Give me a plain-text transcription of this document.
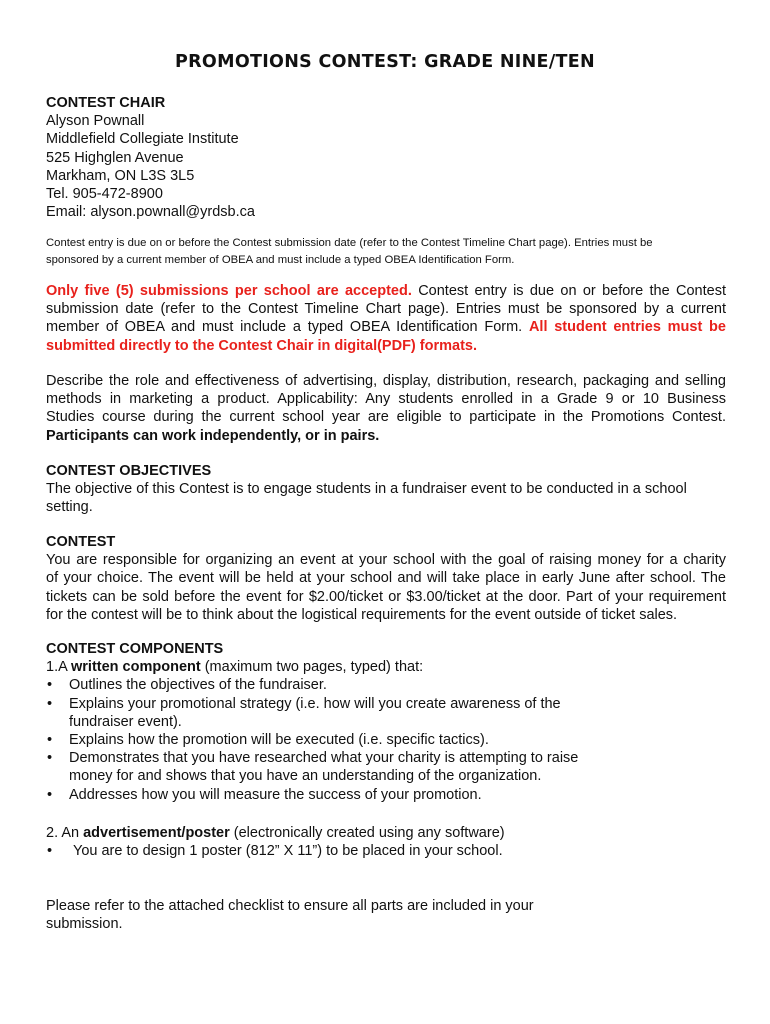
PROMOTIONS CONTEST: GRADE NINE/TEN
CONTEST CHAIR
Alyson Pownall
Middlefield Collegiate Institute
525 Highglen Avenue
Markham, ON L3S 3L5
Tel. 905-472-8900
Email: alyson.pownall@yrdsb.ca
Contest entry is due on or before the Contest submission date (refer to the Contest Timeline Chart page). Entries must be
sponsored by a current member of OBEA and must include a typed OBEA Identification Form.
Only five (5) submissions per school are accepted. Contest entry is due on or before the Contest
submission date (refer to the Contest Timeline Chart page). Entries must be sponsored by a current
member of OBEA and must include a typed OBEA Identification Form. All student entries must be
submitted directly to the Contest Chair in digital(PDF) formats.
Describe the role and effectiveness of advertising, display, distribution, research, packaging and selling
methods in marketing a product. Applicability: Any students enrolled in a Grade 9 or 10 Business
Studies course during the current school year are eligible to participate in the Promotions Contest.
Participants can work independently, or in pairs.
CONTEST OBJECTIVES
The objective of this Contest is to engage students in a fundraiser event to be conducted in a school
setting.
CONTEST
You are responsible for organizing an event at your school with the goal of raising money for a charity
of your choice. The event will be held at your school and will take place in early June after school. The
tickets can be sold before the event for $2.00/ticket or $3.00/ticket at the door. Part of your requirement
for the contest will be to think about the logistical requirements for the event outside of ticket sales.
CONTEST COMPONENTS
1.A written component (maximum two pages, typed) that:
• Outlines the objectives of the fundraiser.
• Explains your promotional strategy (i.e. how will you create awareness of the
fundraiser event).
• Explains how the promotion will be executed (i.e. specific tactics).
• Demonstrates that you have researched what your charity is attempting to raise
money for and shows that you have an understanding of the organization.
• Addresses how you will measure the success of your promotion.
2. An advertisement/poster (electronically created using any software)
• You are to design 1 poster (812” X 11”) to be placed in your school.
Please refer to the attached checklist to ensure all parts are included in your
submission.
